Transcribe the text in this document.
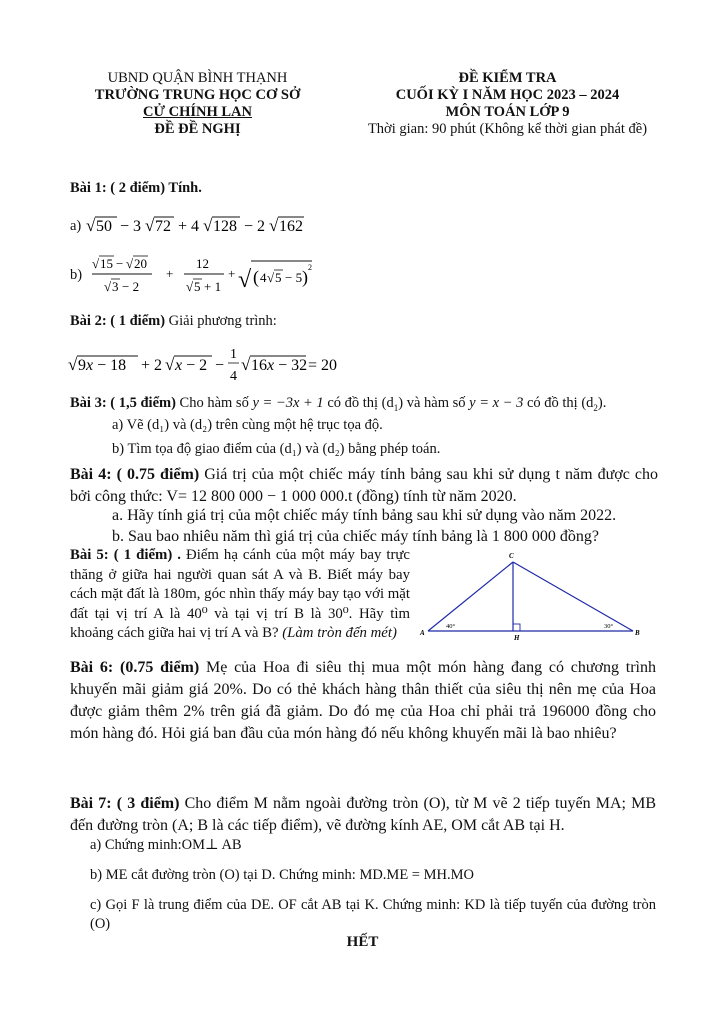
UBND QUẬN BÌNH THẠNH
TRƯỜNG TRUNG HỌC CƠ SỞ
CỬ CHÍNH LAN
ĐỀ ĐỀ NGHỊ
ĐỀ KIỂM TRA
CUỐI KỲ I NĂM HỌC 2023 – 2024
MÔN TOÁN LỚP 9
Thời gian: 90 phút (Không kể thời gian phát đề)
Bài 1: ( 2 điểm) Tính.
a) √ 50 − 3 √ 72 + 4 √ 128 − 2 √ 162
b)
√ 15 − √ 20
√ 3 − 2
+
12
√ 5 + 1
+ √ ( 4 √ 5 − 5 ) 2
Bài 2: ( 1 điểm) Giải phương trình:
√ 9x − 18 + 2 √ x − 2 −
1
4
√ 16x − 32 = 20
Bài 3: ( 1,5 điểm) Cho hàm số y = −3x + 1 có đồ thị $(d_1)$ và hàm số y = x − 3 có đồ thị $(d_2)$.
a) Vẽ (d₁) và (d₂) trên cùng một hệ trục tọa độ.
b) Tìm tọa độ giao điểm của (d₁) và (d₂) bằng phép toán.
Bài 4: ( 0.75 điểm) Giá trị của một chiếc máy tính bảng sau khi sử dụng t năm được cho bởi công thức: V= 12 800 000 − 1 000 000.t (đồng) tính từ năm 2020.
a. Hãy tính giá trị của một chiếc máy tính bảng sau khi sử dụng vào năm 2022.
b. Sau bao nhiêu năm thì giá trị của chiếc máy tính bảng là 1 800 000 đồng?
Bài 5: ( 1 điểm) . Điểm hạ cánh của một máy bay trực thăng ở giữa hai người quan sát A và B. Biết máy bay cách mặt đất là 180m, góc nhìn thấy máy bay tạo với mặt đất tại vị trí A là 40⁰ và tại vị trí B là 30⁰. Hãy tìm khoảng cách giữa hai vị trí A và B? (Làm tròn đến mét)
C
A	B
H
40°	30°
Bài 6: (0.75 điểm) Mẹ của Hoa đi siêu thị mua một món hàng đang có chương trình khuyến mãi giảm giá 20%. Do có thẻ khách hàng thân thiết của siêu thị nên mẹ của Hoa được giảm thêm 2% trên giá đã giảm. Do đó mẹ của Hoa chỉ phải trả 196000 đồng cho món hàng đó. Hỏi giá ban đầu của món hàng đó nếu không khuyến mãi là bao nhiêu?
Bài 7: ( 3 điểm) Cho điểm M nằm ngoài đường tròn (O), từ M vẽ 2 tiếp tuyến MA; MB đến đường tròn (A; B là các tiếp điểm), vẽ đường kính AE, OM cắt AB tại H.
a) Chứng minh:OM⊥ AB
b) ME cắt đường tròn (O) tại D. Chứng minh: MD.ME = MH.MO
c) Gọi F là trung điểm của DE. OF cắt AB tại K. Chứng minh: KD là tiếp tuyến của đường tròn (O)
HẾT
